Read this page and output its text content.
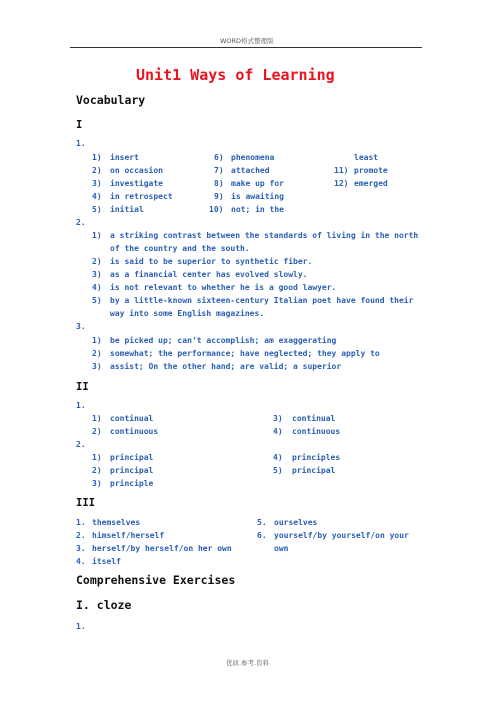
WORD格式整理版
Unit1 Ways of Learning
Vocabulary
I
1.
1) insert	6) phenomena	least
2) on occasion	7) attached	11) promote
3) investigate	8) make up for	12) emerged
4) in retrospect	9) is awaiting
5) initial	10) not; in the
2.
1) a striking contrast between the standards of living in the north
of the country and the south.
2) is said to be superior to synthetic fiber.
3) as a financial center has evolved slowly.
4) is not relevant to whether he is a good lawyer.
5) by a little-known sixteen-century Italian poet have found their
way into some English magazines.
3.
1) be picked up; can’t accomplish; am exaggerating
2) somewhat; the performance; have neglected; they apply to
3) assist; On the other hand; are valid; a superior
II
1.
1) continual	3) continual
2) continuous	4) continuous
2.
1) principal	4) principles
2) principal	5) principal
3) principle
III
1. themselves
2. himself/herself
3. herself/by herself/on her own
4. itself
5. ourselves
6. yourself/by yourself/on your
own
Comprehensive Exercises
I. cloze
1.
优质.参考.资料
